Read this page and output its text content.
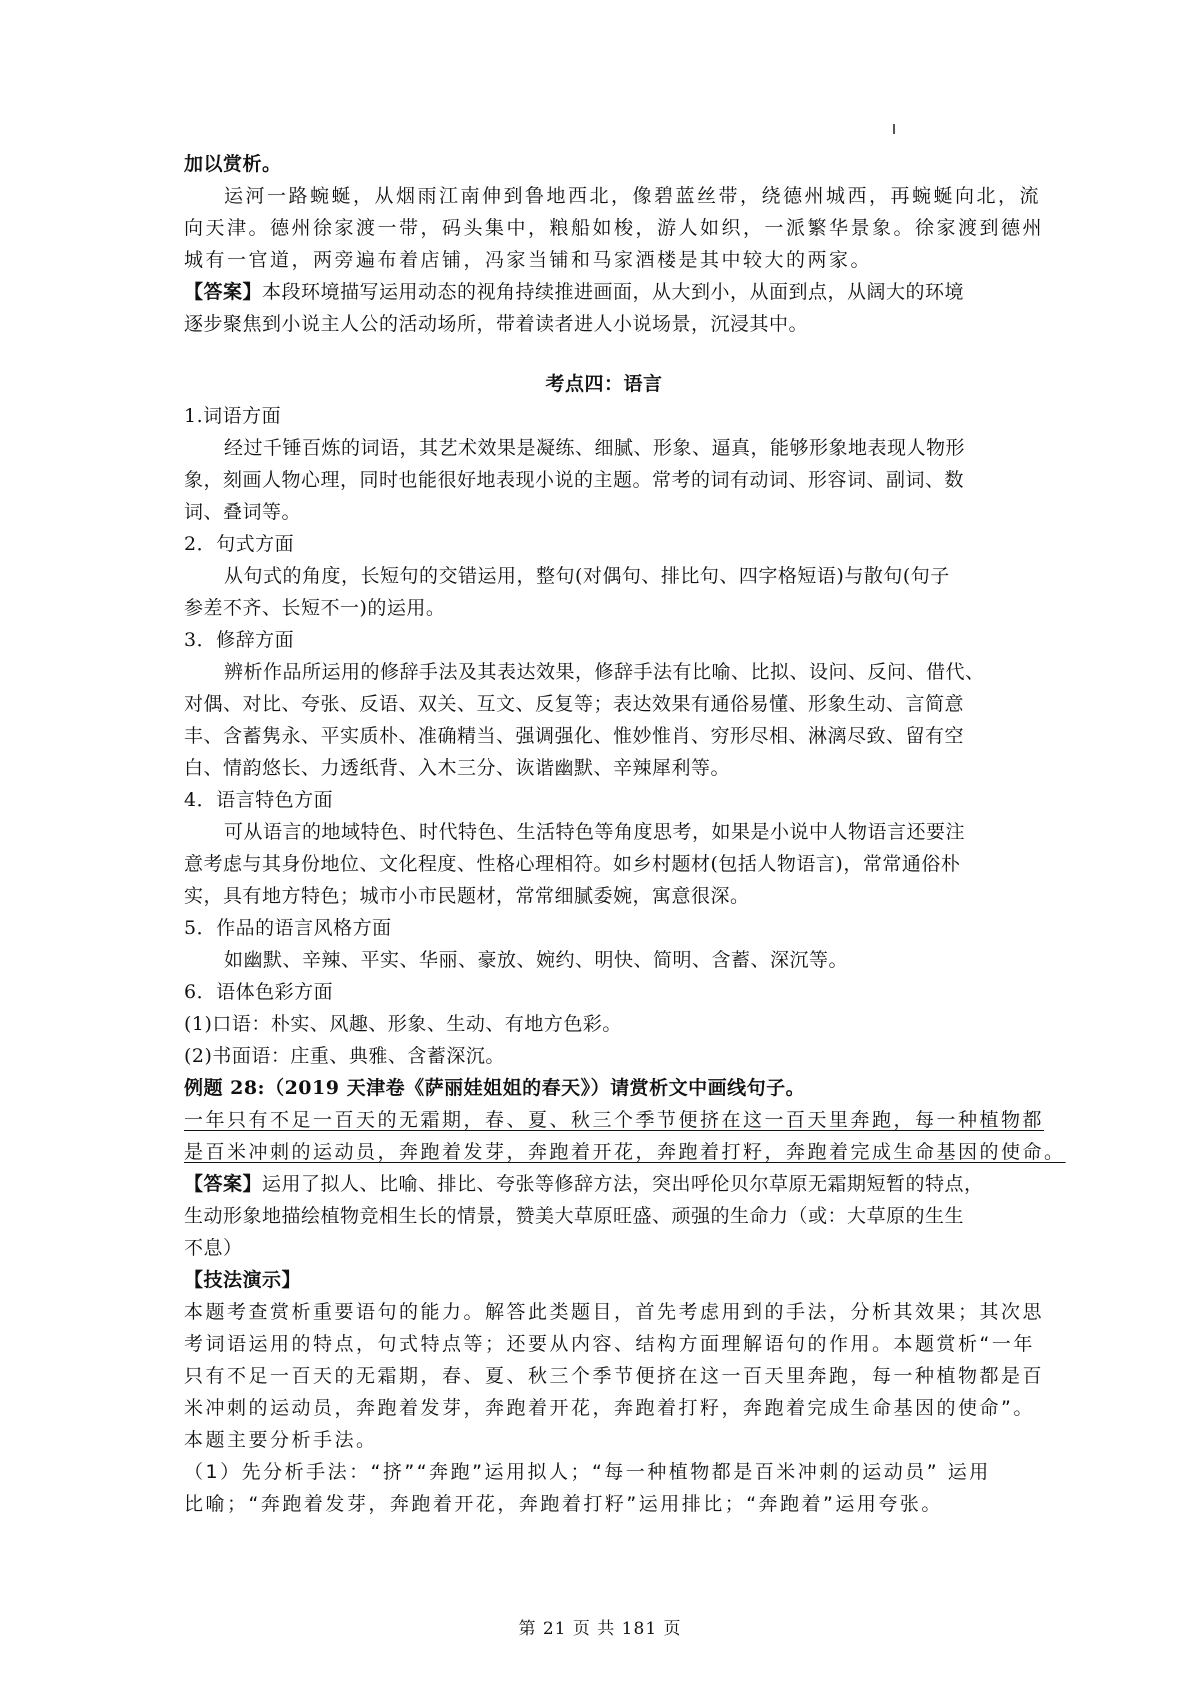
加以赏析。
运河一路蜿蜒，从烟雨江南伸到鲁地西北，像碧蓝丝带，绕德州城西，再蜿蜒向北，流
向天津。德州徐家渡一带，码头集中，粮船如梭，游人如织，一派繁华景象。徐家渡到德州
城有一官道，两旁遍布着店铺，冯家当铺和马家酒楼是其中较大的两家。
【答案】本段环境描写运用动态的视角持续推进画面，从大到小，从面到点，从阔大的环境
逐步聚焦到小说主人公的活动场所，带着读者进人小说场景，沉浸其中。
考点四：语言
1.词语方面
经过千锤百炼的词语，其艺术效果是凝练、细腻、形象、逼真，能够形象地表现人物形
象，刻画人物心理，同时也能很好地表现小说的主题。常考的词有动词、形容词、副词、数
词、叠词等。
2．句式方面
从句式的角度，长短句的交错运用，整句(对偶句、排比句、四字格短语)与散句(句子
参差不齐、长短不一)的运用。
3．修辞方面
辨析作品所运用的修辞手法及其表达效果，修辞手法有比喻、比拟、设问、反问、借代、
对偶、对比、夸张、反语、双关、互文、反复等；表达效果有通俗易懂、形象生动、言简意
丰、含蓄隽永、平实质朴、准确精当、强调强化、惟妙惟肖、穷形尽相、淋漓尽致、留有空
白、情韵悠长、力透纸背、入木三分、诙谐幽默、辛辣犀利等。
4．语言特色方面
可从语言的地域特色、时代特色、生活特色等角度思考，如果是小说中人物语言还要注
意考虑与其身份地位、文化程度、性格心理相符。如乡村题材(包括人物语言)，常常通俗朴
实，具有地方特色；城市小市民题材，常常细腻委婉，寓意很深。
5．作品的语言风格方面
如幽默、辛辣、平实、华丽、豪放、婉约、明快、简明、含蓄、深沉等。
6．语体色彩方面
(1)口语：朴实、风趣、形象、生动、有地方色彩。
(2)书面语：庄重、典雅、含蓄深沉。
例题 28:（2019 天津卷《萨丽娃姐姐的春天》）请赏析文中画线句子。
一年只有不足一百天的无霜期，春、夏、秋三个季节便挤在这一百天里奔跑，每一种植物都
是百米冲刺的运动员，奔跑着发芽，奔跑着开花，奔跑着打籽，奔跑着完成生命基因的使命。
【答案】运用了拟人、比喻、排比、夸张等修辞方法，突出呼伦贝尔草原无霜期短暂的特点，
生动形象地描绘植物竞相生长的情景，赞美大草原旺盛、顽强的生命力（或：大草原的生生
不息）
【技法演示】
本题考查赏析重要语句的能力。解答此类题目，首先考虑用到的手法，分析其效果；其次思
考词语运用的特点，句式特点等；还要从内容、结构方面理解语句的作用。本题赏析“一年
只有不足一百天的无霜期，春、夏、秋三个季节便挤在这一百天里奔跑，每一种植物都是百
米冲刺的运动员，奔跑着发芽，奔跑着开花，奔跑着打籽，奔跑着完成生命基因的使命”。
本题主要分析手法。
（1）先分析手法：“挤”“奔跑”运用拟人；“每一种植物都是百米冲刺的运动员” 运用
比喻；“奔跑着发芽，奔跑着开花，奔跑着打籽”运用排比；“奔跑着”运用夸张。
第 21 页 共 181 页
